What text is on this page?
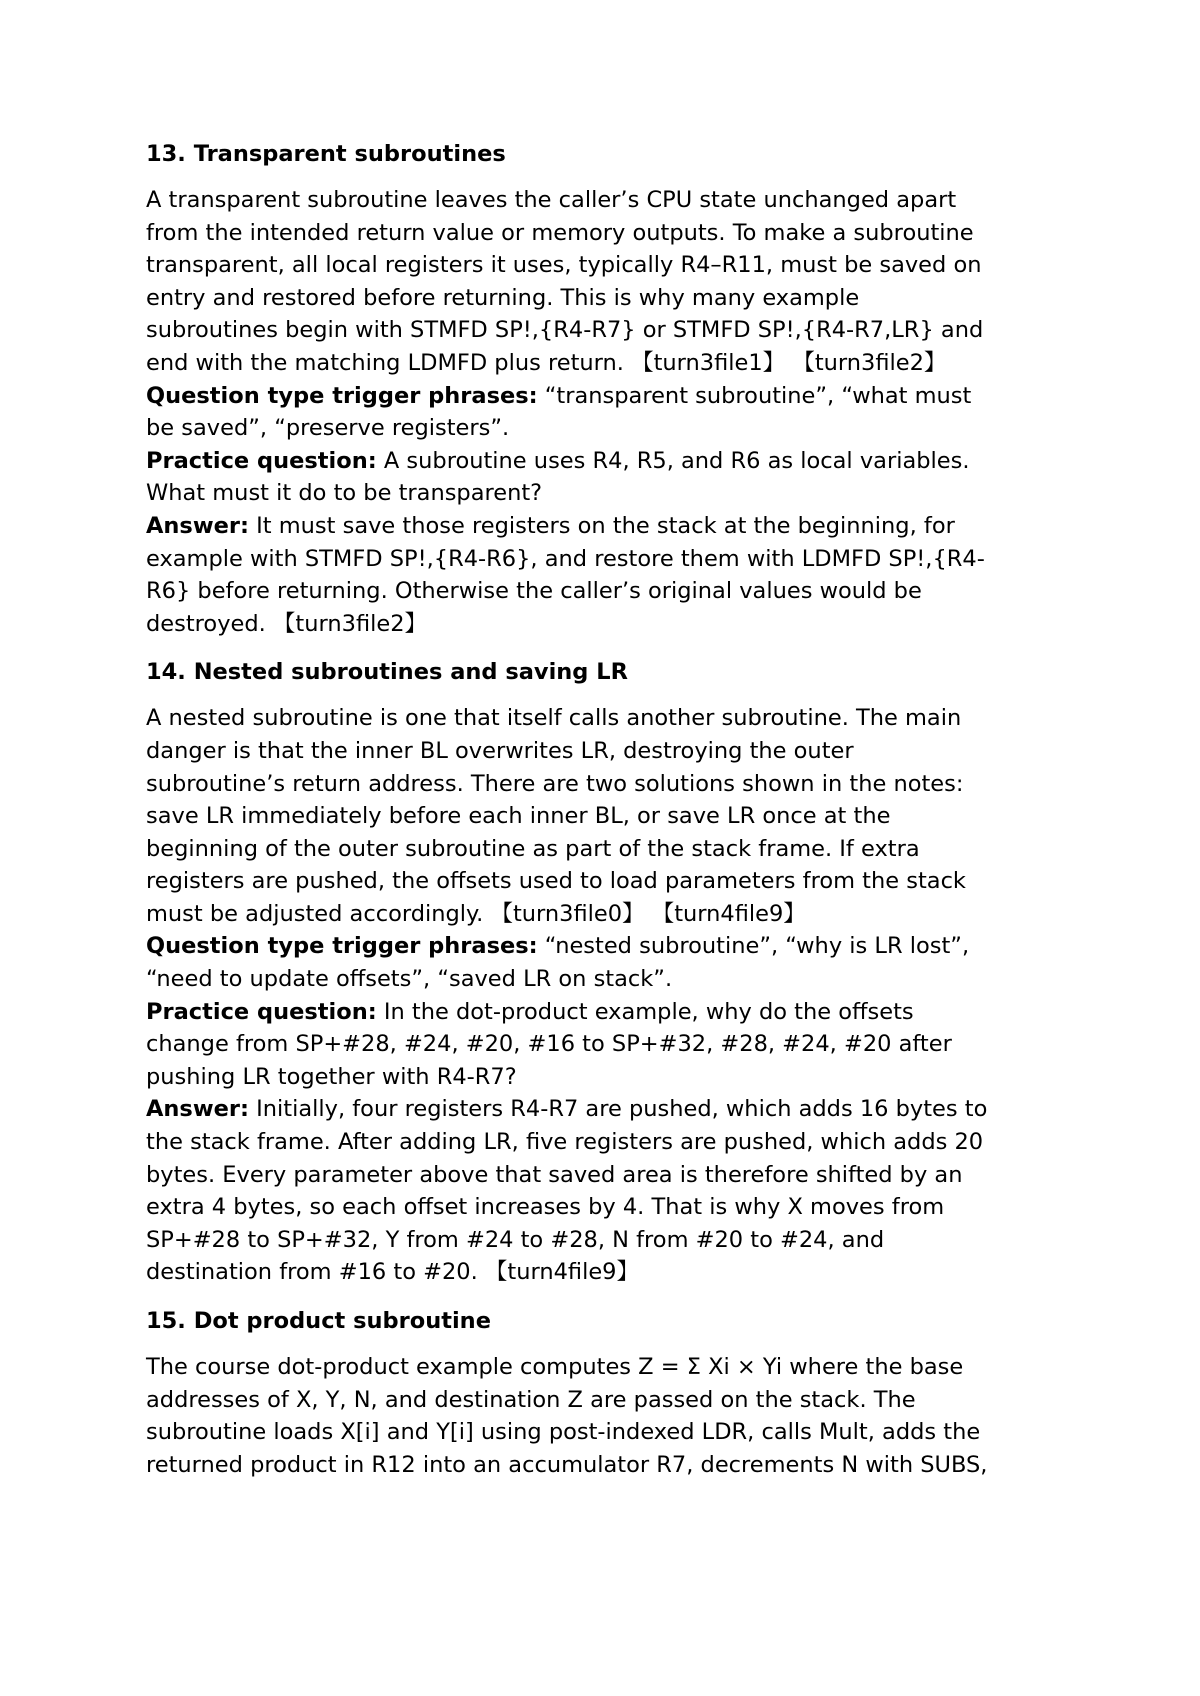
13. Transparent subroutines

A transparent subroutine leaves the caller’s CPU state unchanged apart
from the intended return value or memory outputs. To make a subroutine
transparent, all local registers it uses, typically R4–R11, must be saved on
entry and restored before returning. This is why many example
subroutines begin with STMFD SP!,{R4-R7} or STMFD SP!,{R4-R7,LR} and
end with the matching LDMFD plus return. 【turn3file1】 【turn3file2】

Question type trigger phrases: “transparent subroutine”, “what must
be saved”, “preserve registers”.

Practice question: A subroutine uses R4, R5, and R6 as local variables.
What must it do to be transparent?

Answer: It must save those registers on the stack at the beginning, for
example with STMFD SP!,{R4-R6}, and restore them with LDMFD SP!,{R4-
R6} before returning. Otherwise the caller’s original values would be
destroyed. 【turn3file2】

14. Nested subroutines and saving LR

A nested subroutine is one that itself calls another subroutine. The main
danger is that the inner BL overwrites LR, destroying the outer
subroutine’s return address. There are two solutions shown in the notes:
save LR immediately before each inner BL, or save LR once at the
beginning of the outer subroutine as part of the stack frame. If extra
registers are pushed, the offsets used to load parameters from the stack
must be adjusted accordingly. 【turn3file0】 【turn4file9】

Question type trigger phrases: “nested subroutine”, “why is LR lost”,
“need to update offsets”, “saved LR on stack”.

Practice question: In the dot-product example, why do the offsets
change from SP+#28, #24, #20, #16 to SP+#32, #28, #24, #20 after
pushing LR together with R4-R7?

Answer: Initially, four registers R4-R7 are pushed, which adds 16 bytes to
the stack frame. After adding LR, five registers are pushed, which adds 20
bytes. Every parameter above that saved area is therefore shifted by an
extra 4 bytes, so each offset increases by 4. That is why X moves from
SP+#28 to SP+#32, Y from #24 to #28, N from #20 to #24, and
destination from #16 to #20. 【turn4file9】

15. Dot product subroutine

The course dot-product example computes Z = Σ Xi × Yi where the base
addresses of X, Y, N, and destination Z are passed on the stack. The
subroutine loads X[i] and Y[i] using post-indexed LDR, calls Mult, adds the
returned product in R12 into an accumulator R7, decrements N with SUBS,
